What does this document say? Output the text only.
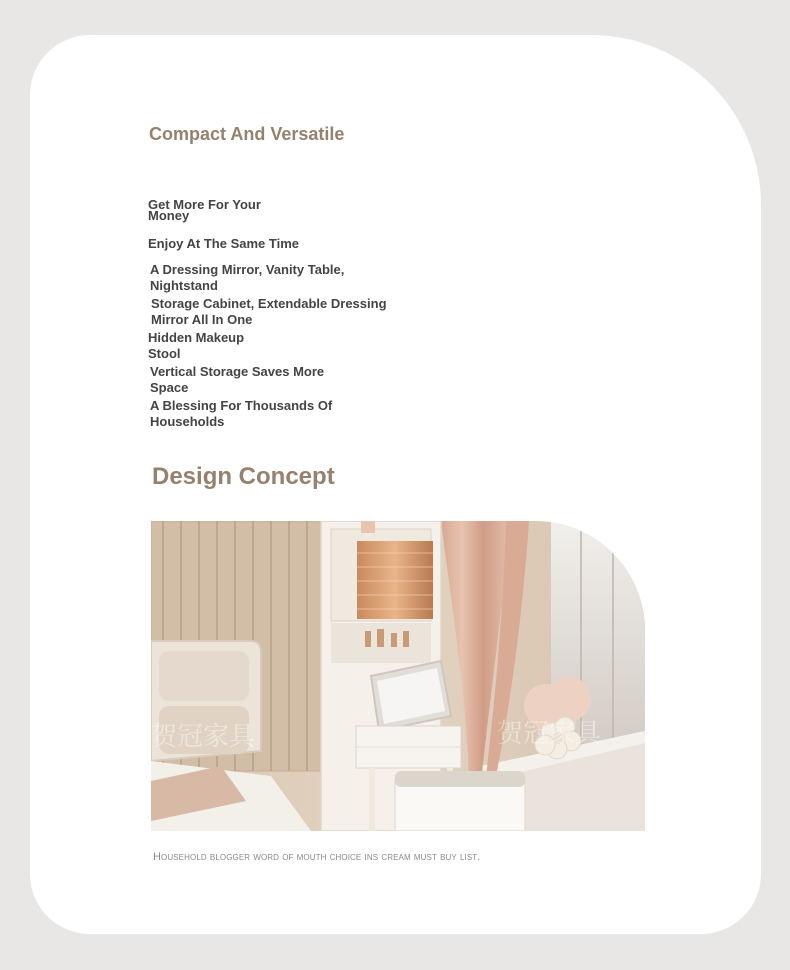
Compact And Versatile
Get More For Your Money
Enjoy At The Same Time
A Dressing Mirror, Vanity Table, Nightstand
Storage Cabinet, Extendable Dressing Mirror All In One
Hidden Makeup Stool
Vertical Storage Saves More Space
A Blessing For Thousands Of Households
Design Concept
贺冠家具	贺冠家具
Household blogger word of mouth choice ins cream must buy list.
